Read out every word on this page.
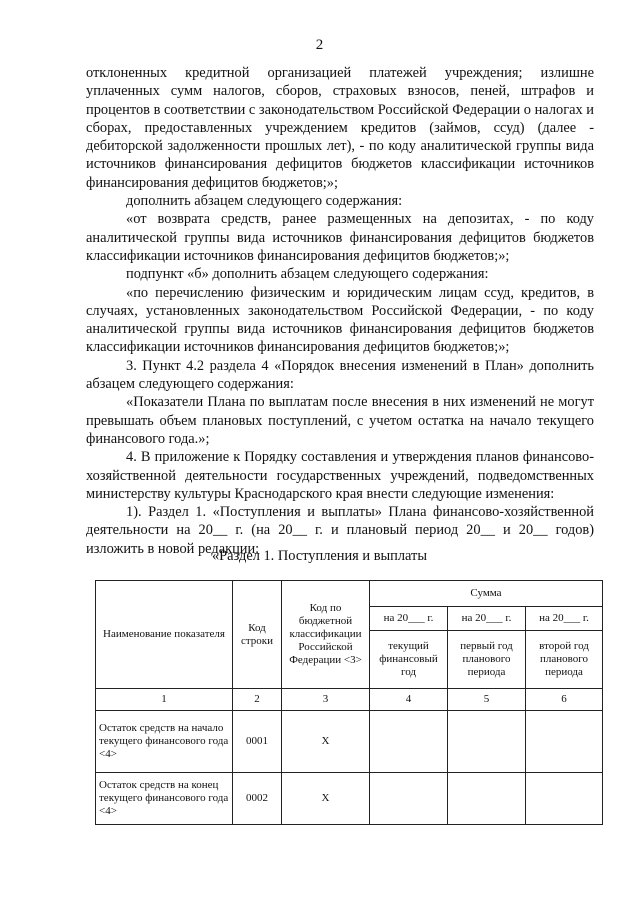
2

отклоненных кредитной организацией платежей учреждения; излишне уплаченных сумм налогов, сборов, страховых взносов, пеней, штрафов и процентов в соответствии с законодательством Российской Федерации о налогах и сборах, предоставленных учреждением кредитов (займов, ссуд) (далее - дебиторской задолженности прошлых лет), - по коду аналитической группы вида источников финансирования дефицитов бюджетов классификации источников финансирования дефицитов бюджетов;»;

дополнить абзацем следующего содержания:

«от возврата средств, ранее размещенных на депозитах, - по коду аналитической группы вида источников финансирования дефицитов бюджетов классификации источников финансирования дефицитов бюджетов;»;

подпункт «б» дополнить абзацем следующего содержания:

«по перечислению физическим и юридическим лицам ссуд, кредитов, в случаях, установленных законодательством Российской Федерации, - по коду аналитической группы вида источников финансирования дефицитов бюджетов классификации источников финансирования дефицитов бюджетов;»;

3. Пункт 4.2 раздела 4 «Порядок внесения изменений в План» дополнить абзацем следующего содержания:

«Показатели Плана по выплатам после внесения в них изменений не могут превышать объем плановых поступлений, с учетом остатка на начало текущего финансового года.»;

4. В приложение к Порядку составления и утверждения планов финансово-хозяйственной деятельности государственных учреждений, подведомственных министерству культуры Краснодарского края внести следующие изменения:

1). Раздел 1. «Поступления и выплаты» Плана финансово-хозяйственной деятельности на 20__ г. (на 20__ г. и плановый период 20__ и 20__ годов) изложить в новой редакции:

«Раздел 1. Поступления и выплаты
Наименование показателя	Код строки	Код по бюджетной классификации Российской Федерации <3>	Сумма		
			на 20___ г.	на 20___ г.	на 20___ г.
			текущий финансовый год	первый год планового периода	второй год планового периода
1	2	3	4	5	6
Остаток средств на начало текущего финансового года <4>	0001	X			
Остаток средств на конец текущего финансового года <4>	0002	X			
